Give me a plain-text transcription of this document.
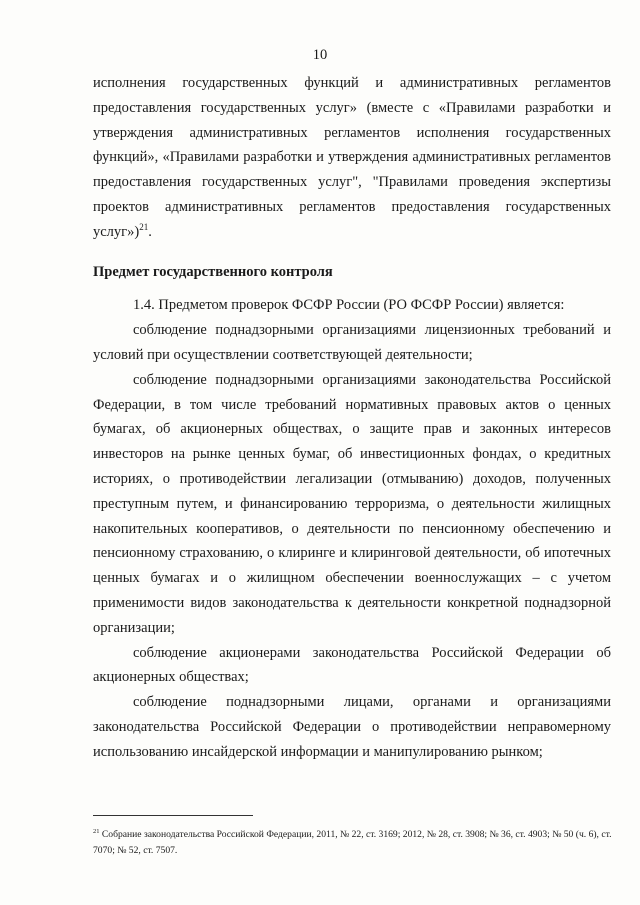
10

исполнения государственных функций и административных регламентов предоставления государственных услуг» (вместе с «Правилами разработки и утверждения административных регламентов исполнения государственных функций», «Правилами разработки и утверждения административных регламентов предоставления государственных услуг", "Правилами проведения экспертизы проектов административных регламентов предоставления государственных услуг»)$^{21}$.

Предмет государственного контроля

1.4. Предметом проверок ФСФР России (РО ФСФР России) является:

соблюдение поднадзорными организациями лицензионных требований и условий при осуществлении соответствующей деятельности;

соблюдение поднадзорными организациями законодательства Российской Федерации, в том числе требований нормативных правовых актов о ценных бумагах, об акционерных обществах, о защите прав и законных интересов инвесторов на рынке ценных бумаг, об инвестиционных фондах, о кредитных историях, о противодействии легализации (отмыванию) доходов, полученных преступным путем, и финансированию терроризма, о деятельности жилищных накопительных кооперативов, о деятельности по пенсионному обеспечению и пенсионному страхованию, о клиринге и клиринговой деятельности, об ипотечных ценных бумагах и о жилищном обеспечении военнослужащих – с учетом применимости видов законодательства к деятельности конкретной поднадзорной организации;

соблюдение акционерами законодательства Российской Федерации об акционерных обществах;

соблюдение поднадзорными лицами, органами и организациями законодательства Российской Федерации о противодействии неправомерному использованию инсайдерской информации и манипулированию рынком;

$^{21}$ Собрание законодательства Российской Федерации, 2011, № 22, ст. 3169; 2012, № 28, ст. 3908; № 36, ст. 4903; № 50 (ч. 6), ст. 7070; № 52, ст. 7507.
